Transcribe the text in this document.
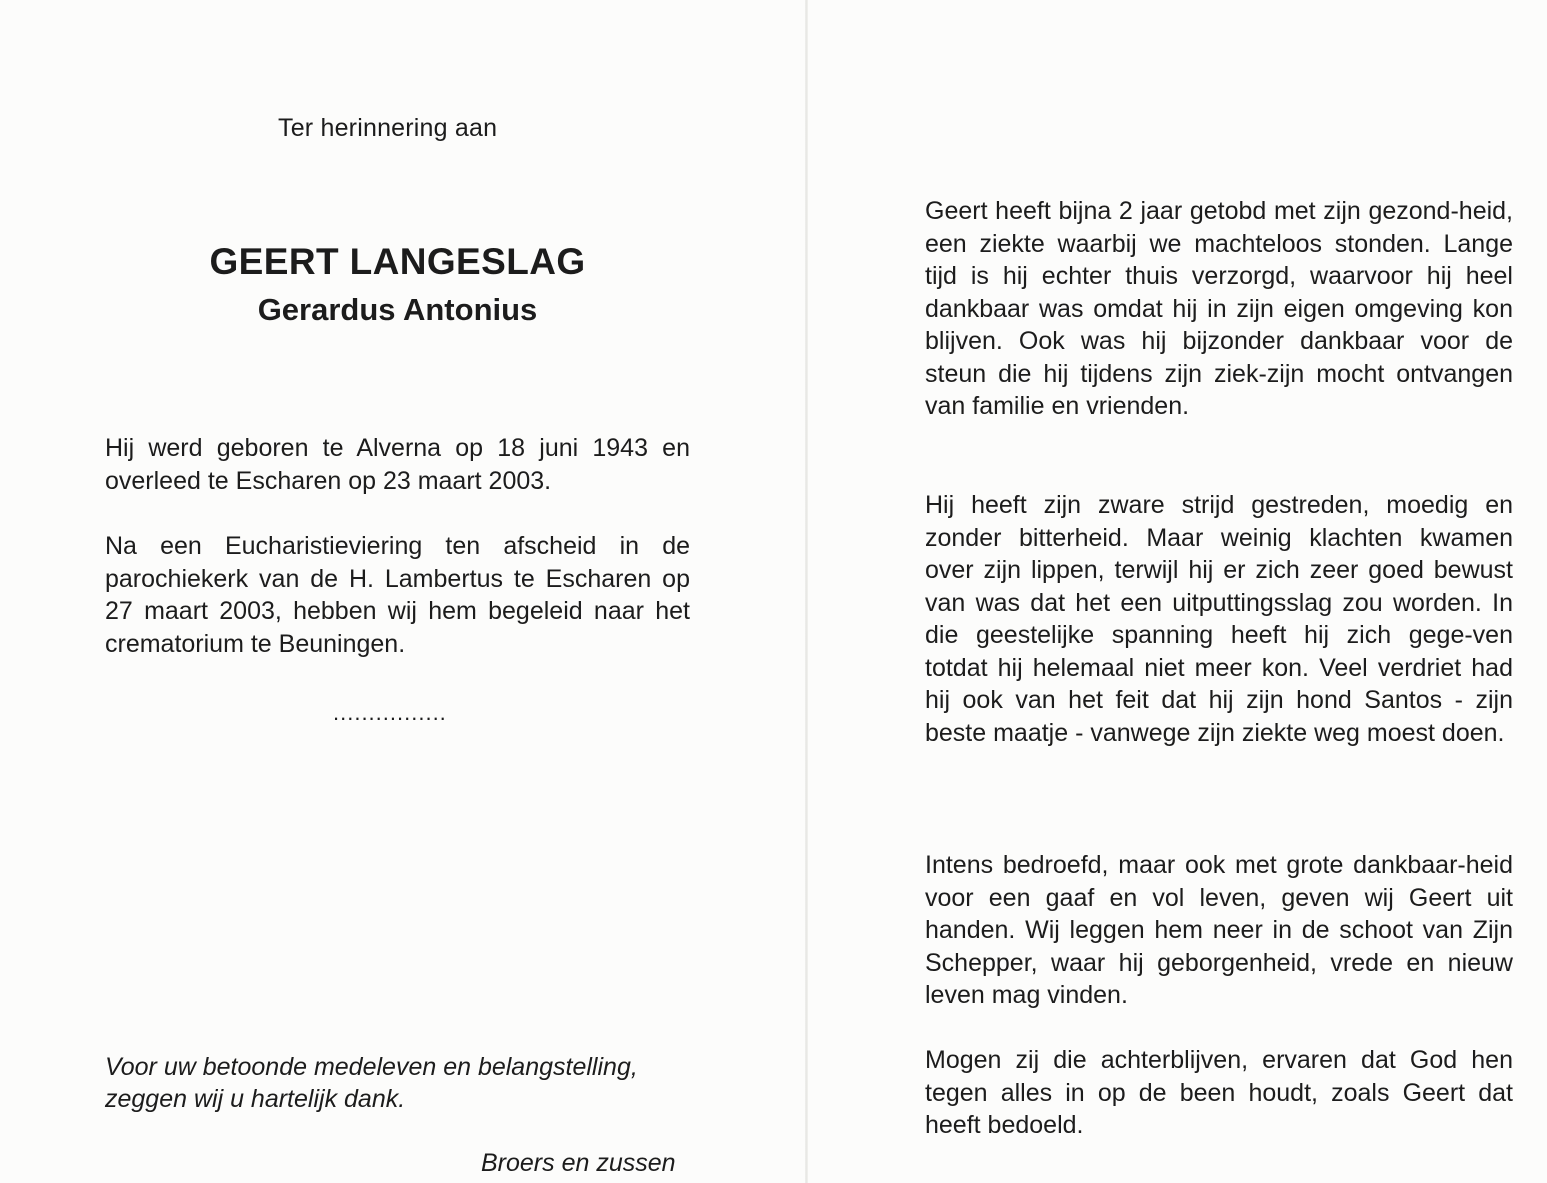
Ter herinnering aan
GEERT LANGESLAG
Gerardus Antonius

Hij werd geboren te Alverna op 18 juni 1943 en overleed te Escharen op 23 maart 2003.

Na een Eucharistieviering ten afscheid in de parochiekerk van de H. Lambertus te Escharen op 27 maart 2003, hebben wij hem begeleid naar het crematorium te Beuningen.

................

Voor uw betoonde medeleven en belangstelling,
zeggen wij u hartelijk dank.

Broers en zussen

Geert heeft bijna 2 jaar getobd met zijn gezond-heid, een ziekte waarbij we machteloos stonden. Lange tijd is hij echter thuis verzorgd, waarvoor hij heel dankbaar was omdat hij in zijn eigen omgeving kon blijven. Ook was hij bijzonder dankbaar voor de steun die hij tijdens zijn ziek-zijn mocht ontvangen van familie en vrienden.

Hij heeft zijn zware strijd gestreden, moedig en zonder bitterheid. Maar weinig klachten kwamen over zijn lippen, terwijl hij er zich zeer goed bewust van was dat het een uitputtingsslag zou worden. In die geestelijke spanning heeft hij zich gege-ven totdat hij helemaal niet meer kon. Veel verdriet had hij ook van het feit dat hij zijn hond Santos - zijn beste maatje - vanwege zijn ziekte weg moest doen.

Intens bedroefd, maar ook met grote dankbaar-heid voor een gaaf en vol leven, geven wij Geert uit handen. Wij leggen hem neer in de schoot van Zijn Schepper, waar hij geborgenheid, vrede en nieuw leven mag vinden.

Mogen zij die achterblijven, ervaren dat God hen tegen alles in op de been houdt, zoals Geert dat heeft bedoeld.
